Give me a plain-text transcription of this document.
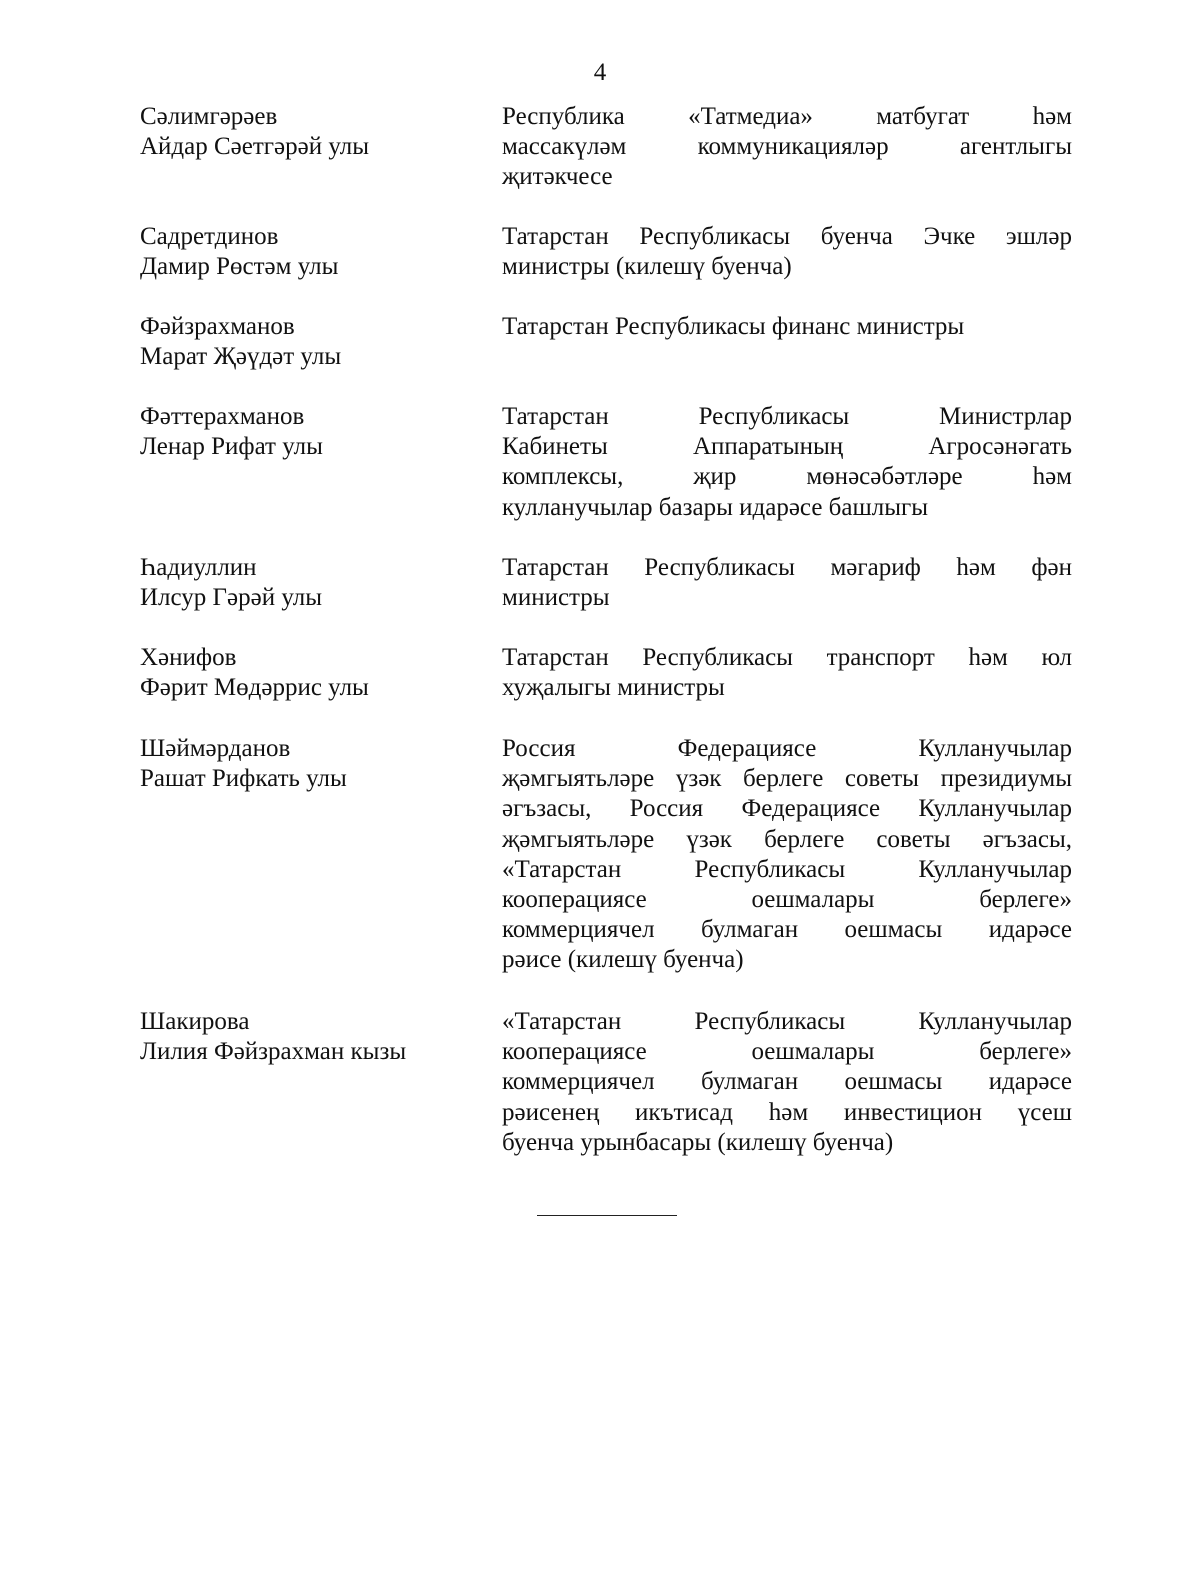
4
Сәлимгәрәев
Айдар Сәетгәрәй улы
Республика «Татмедиа» матбугат һәм
массакүләм коммуникацияләр агентлыгы
җитәкчесе
Садретдинов
Дамир Рөстәм улы
Татарстан Республикасы буенча Эчке эшләр
министры (килешү буенча)
Фәйзрахманов
Марат Җәүдәт улы
Татарстан Республикасы финанс министры
Фәттерахманов
Ленар Рифат улы
Татарстан Республикасы Министрлар
Кабинеты Аппаратының Агросәнәгать
комплексы, җир мөнәсәбәтләре һәм
кулланучылар базары идарәсе башлыгы
Һадиуллин
Илсур Гәрәй улы
Татарстан Республикасы мәгариф һәм фән
министры
Хәнифов
Фәрит Мөдәррис улы
Татарстан Республикасы транспорт һәм юл
хуҗалыгы министры
Шәймәрданов
Рашат Рифкать улы
Россия Федерациясе Кулланучылар
җәмгыятьләре үзәк берлеге советы президиумы
әгъзасы, Россия Федерациясе Кулланучылар
җәмгыятьләре үзәк берлеге советы әгъзасы,
«Татарстан Республикасы Кулланучылар
кооперациясе оешмалары берлеге»
коммерциячел булмаган оешмасы идарәсе
рәисе (килешү буенча)
Шакирова
Лилия Фәйзрахман кызы
«Татарстан Республикасы Кулланучылар
кооперациясе оешмалары берлеге»
коммерциячел булмаган оешмасы идарәсе
рәисенең икътисад һәм инвестицион үсеш
буенча урынбасары (килешү буенча)
